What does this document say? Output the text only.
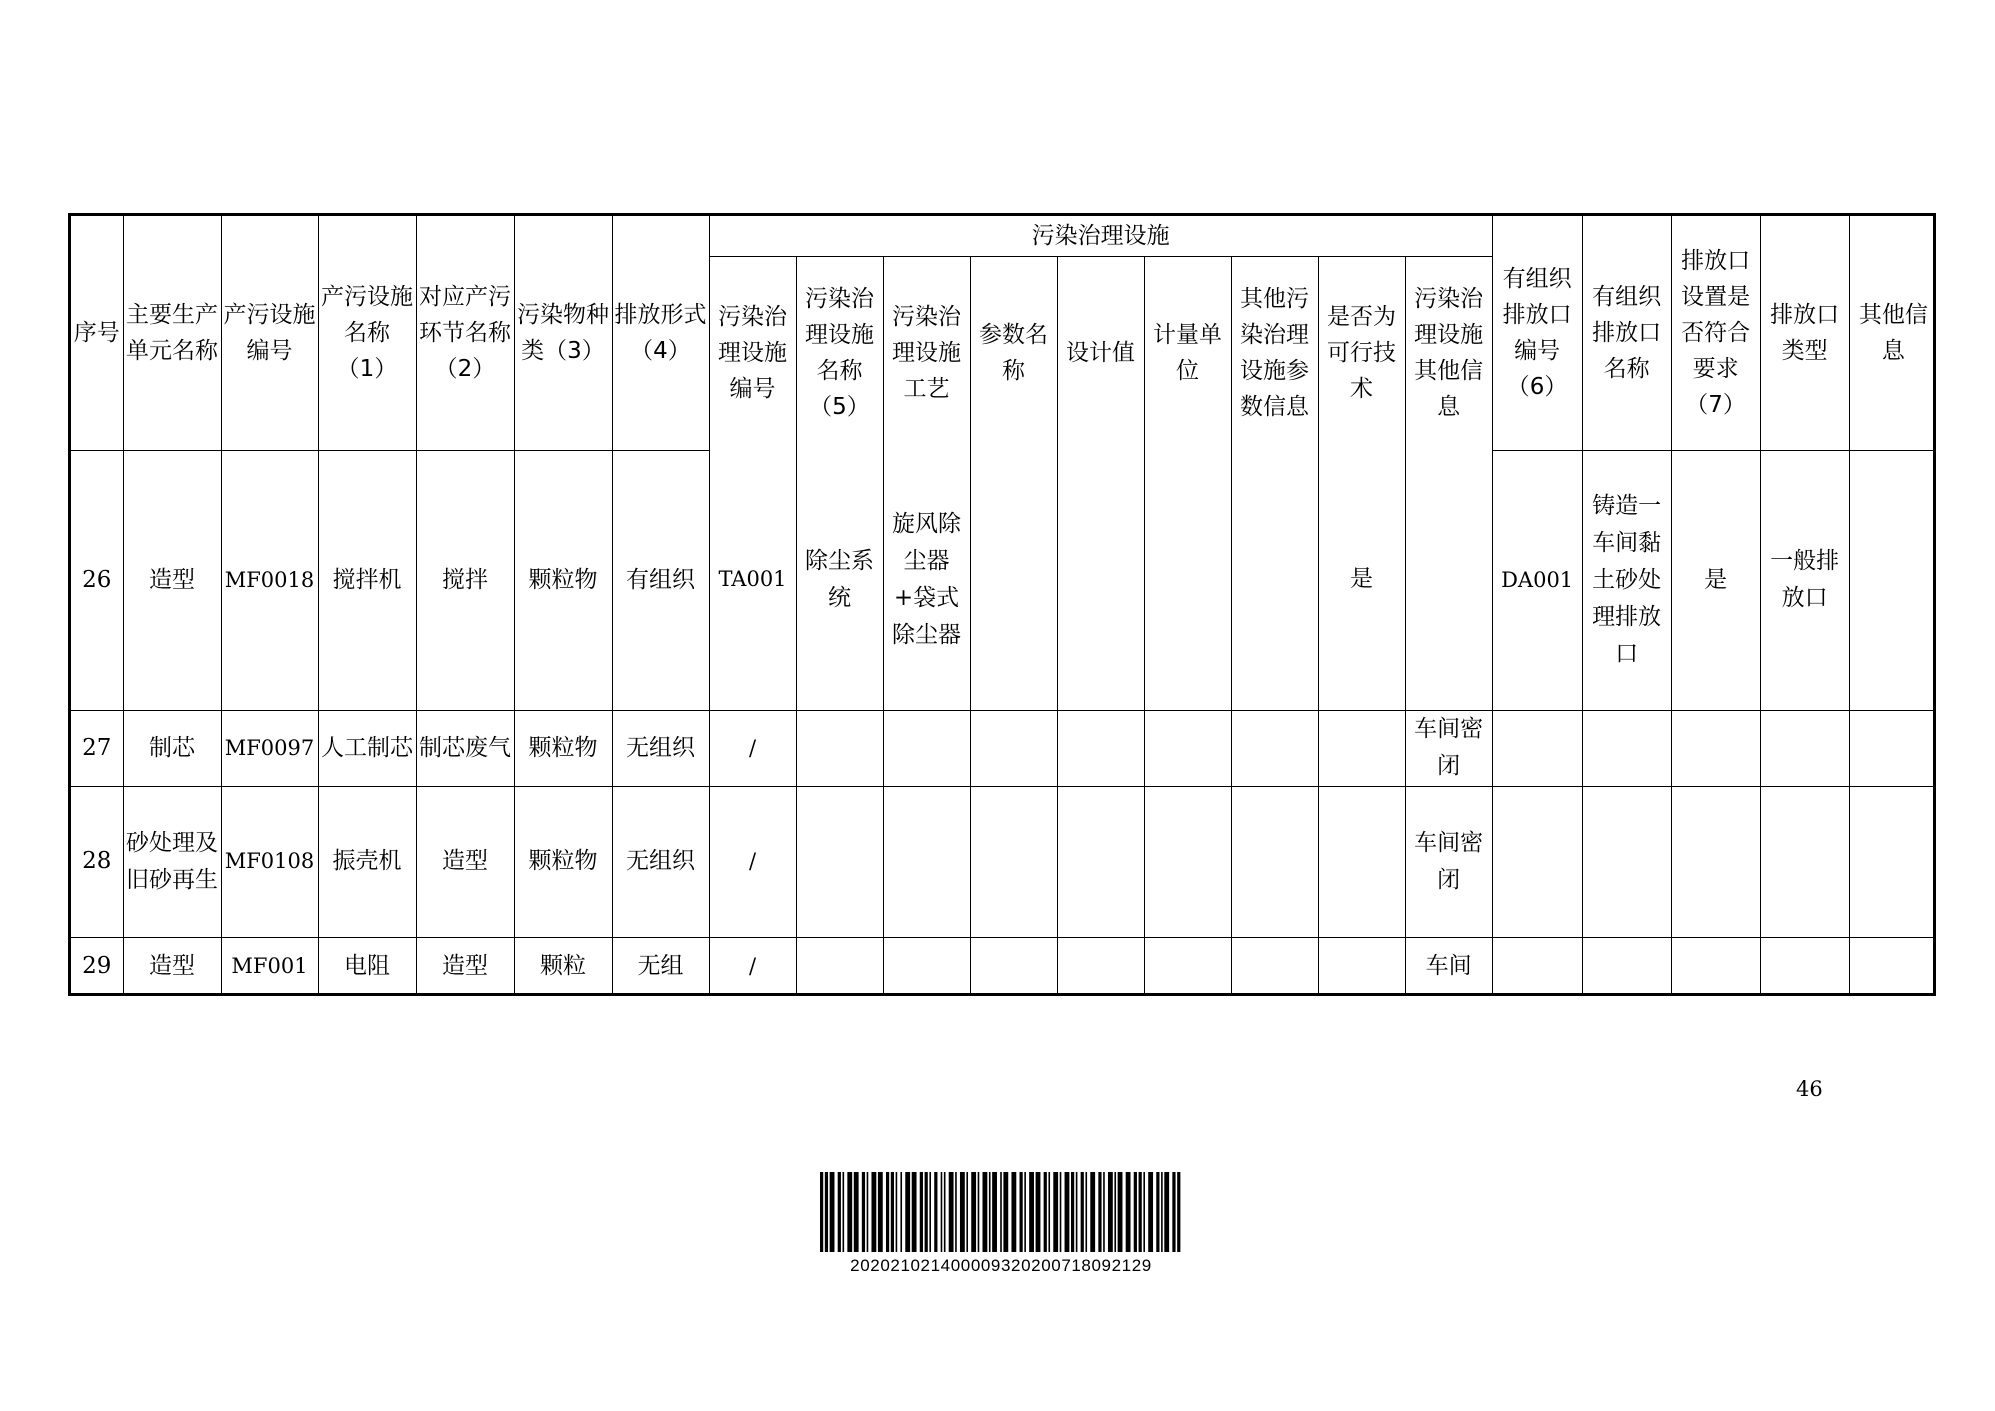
序号	主要生产单元名称	产污设施编号	产污设施名称（1）	对应产污环节名称（2）	污染物种类（3）	排放形式（4）	污染治理设施									有组织排放口编号（6）	有组织排放口名称	排放口设置是否符合要求（7）	排放口类型	其他信息
							污染治理设施编号	污染治理设施名称（5）	污染治理设施工艺	参数名称	设计值	计量单位	其他污染治理设施参数信息	是否为可行技术	污染治理设施其他信息					
26	造型	MF0018	搅拌机	搅拌	颗粒物	有组织	TA001	除尘系统	旋风除尘器+袋式除尘器					是		DA001	铸造一车间黏土砂处理排放口	是	一般排放口	
27	制芯	MF0097	人工制芯	制芯废气	颗粒物	无组织	/								车间密闭					
28	砂处理及旧砂再生	MF0108	振壳机	造型	颗粒物	无组织	/								车间密闭					
29	造型	MF001	电阻	造型	颗粒	无组	/								车间					
46
20202102140000932020071809212​9
